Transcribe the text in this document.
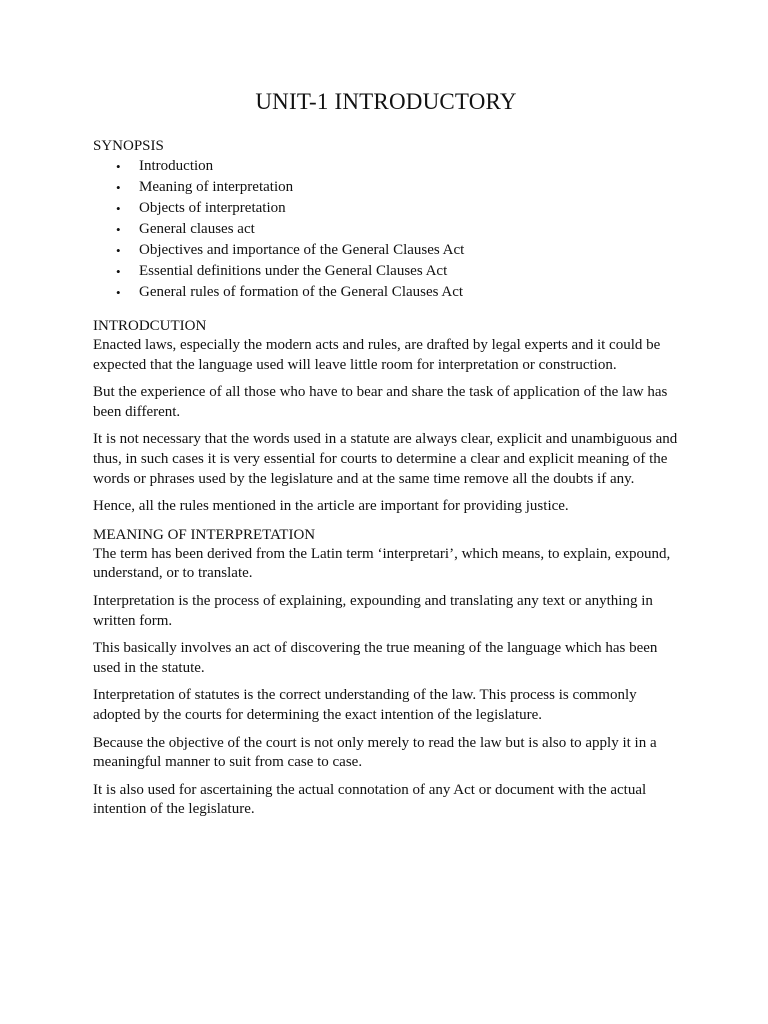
UNIT-1 INTRODUCTORY
SYNOPSIS
• Introduction
• Meaning of interpretation
• Objects of interpretation
• General clauses act
• Objectives and importance of the General Clauses Act
• Essential definitions under the General Clauses Act
• General rules of formation of the General Clauses Act
INTRODCUTION

Enacted laws, especially the modern acts and rules, are drafted by legal experts and it could be expected that the language used will leave little room for interpretation or construction.

But the experience of all those who have to bear and share the task of application of the law has been different.

It is not necessary that the words used in a statute are always clear, explicit and unambiguous and thus, in such cases it is very essential for courts to determine a clear and explicit meaning of the words or phrases used by the legislature and at the same time remove all the doubts if any.

Hence, all the rules mentioned in the article are important for providing justice.

MEANING OF INTERPRETATION

The term has been derived from the Latin term ‘interpretari’, which means, to explain, expound, understand, or to translate.

Interpretation is the process of explaining, expounding and translating any text or anything in written form.

This basically involves an act of discovering the true meaning of the language which has been used in the statute.

Interpretation of statutes is the correct understanding of the law. This process is commonly adopted by the courts for determining the exact intention of the legislature.

Because the objective of the court is not only merely to read the law but is also to apply it in a meaningful manner to suit from case to case.

It is also used for ascertaining the actual connotation of any Act or document with the actual intention of the legislature.
